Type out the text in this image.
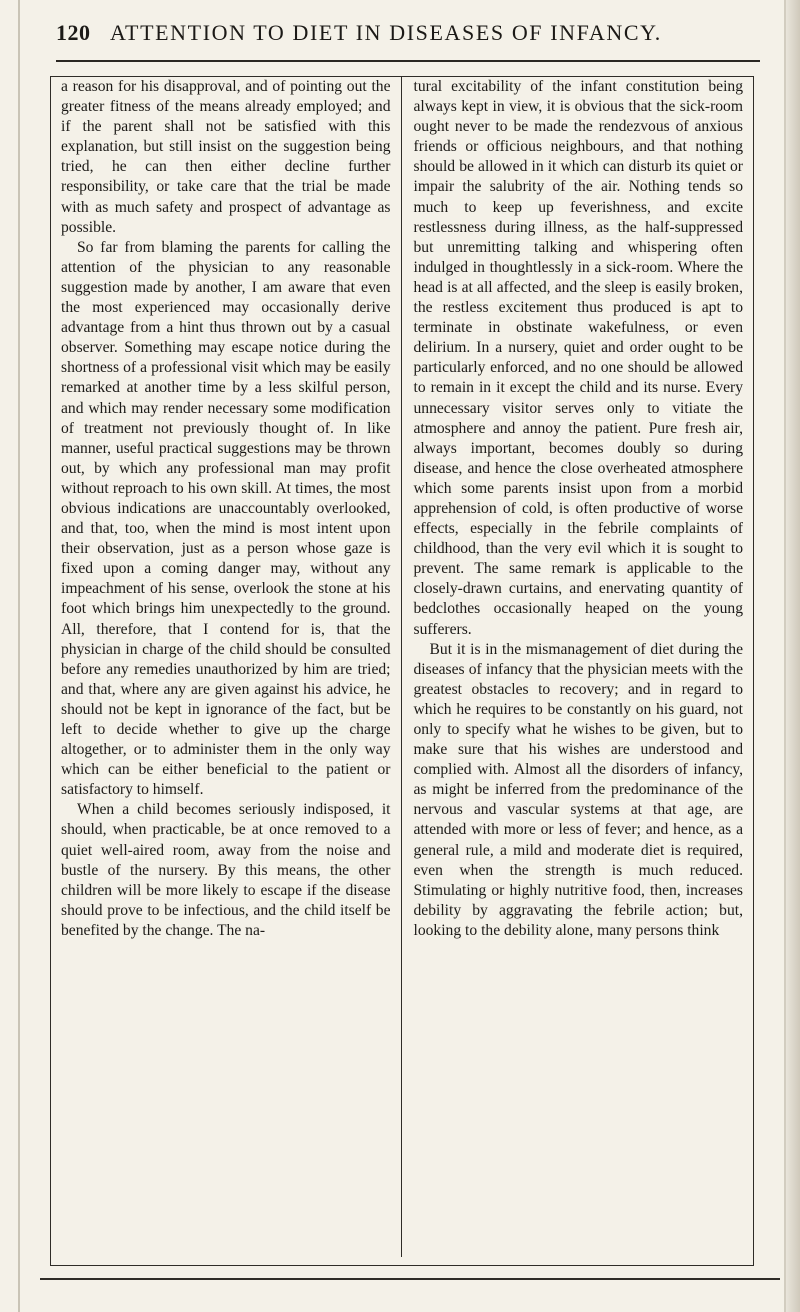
120 ATTENTION TO DIET IN DISEASES OF INFANCY.

a reason for his disapproval, and of pointing out the greater fitness of the means already employed; and if the parent shall not be satisfied with this explanation, but still insist on the suggestion being tried, he can then either decline further responsibility, or take care that the trial be made with as much safety and prospect of advantage as possible.

So far from blaming the parents for calling the attention of the physician to any reasonable suggestion made by another, I am aware that even the most experienced may occasionally derive advantage from a hint thus thrown out by a casual observer. Something may escape notice during the shortness of a professional visit which may be easily remarked at another time by a less skilful person, and which may render necessary some modification of treatment not previously thought of. In like manner, useful practical suggestions may be thrown out, by which any professional man may profit without reproach to his own skill. At times, the most obvious indications are unaccountably overlooked, and that, too, when the mind is most intent upon their observation, just as a person whose gaze is fixed upon a coming danger may, without any impeachment of his sense, overlook the stone at his foot which brings him unexpectedly to the ground. All, therefore, that I contend for is, that the physician in charge of the child should be consulted before any remedies unauthorized by him are tried; and that, where any are given against his advice, he should not be kept in ignorance of the fact, but be left to decide whether to give up the charge altogether, or to administer them in the only way which can be either beneficial to the patient or satisfactory to himself.

When a child becomes seriously indisposed, it should, when practicable, be at once removed to a quiet well-aired room, away from the noise and bustle of the nursery. By this means, the other children will be more likely to escape if the disease should prove to be infectious, and the child itself be benefited by the change. The na-

tural excitability of the infant constitution being always kept in view, it is obvious that the sick-room ought never to be made the rendezvous of anxious friends or officious neighbours, and that nothing should be allowed in it which can disturb its quiet or impair the salubrity of the air. Nothing tends so much to keep up feverishness, and excite restlessness during illness, as the half-suppressed but unremitting talking and whispering often indulged in thoughtlessly in a sick-room. Where the head is at all affected, and the sleep is easily broken, the restless excitement thus produced is apt to terminate in obstinate wakefulness, or even delirium. In a nursery, quiet and order ought to be particularly enforced, and no one should be allowed to remain in it except the child and its nurse. Every unnecessary visitor serves only to vitiate the atmosphere and annoy the patient. Pure fresh air, always important, becomes doubly so during disease, and hence the close overheated atmosphere which some parents insist upon from a morbid apprehension of cold, is often productive of worse effects, especially in the febrile complaints of childhood, than the very evil which it is sought to prevent. The same remark is applicable to the closely-drawn curtains, and enervating quantity of bedclothes occasionally heaped on the young sufferers.

But it is in the mismanagement of diet during the diseases of infancy that the physician meets with the greatest obstacles to recovery; and in regard to which he requires to be constantly on his guard, not only to specify what he wishes to be given, but to make sure that his wishes are understood and complied with. Almost all the disorders of infancy, as might be inferred from the predominance of the nervous and vascular systems at that age, are attended with more or less of fever; and hence, as a general rule, a mild and moderate diet is required, even when the strength is much reduced. Stimulating or highly nutritive food, then, increases debility by aggravating the febrile action; but, looking to the debility alone, many persons think
